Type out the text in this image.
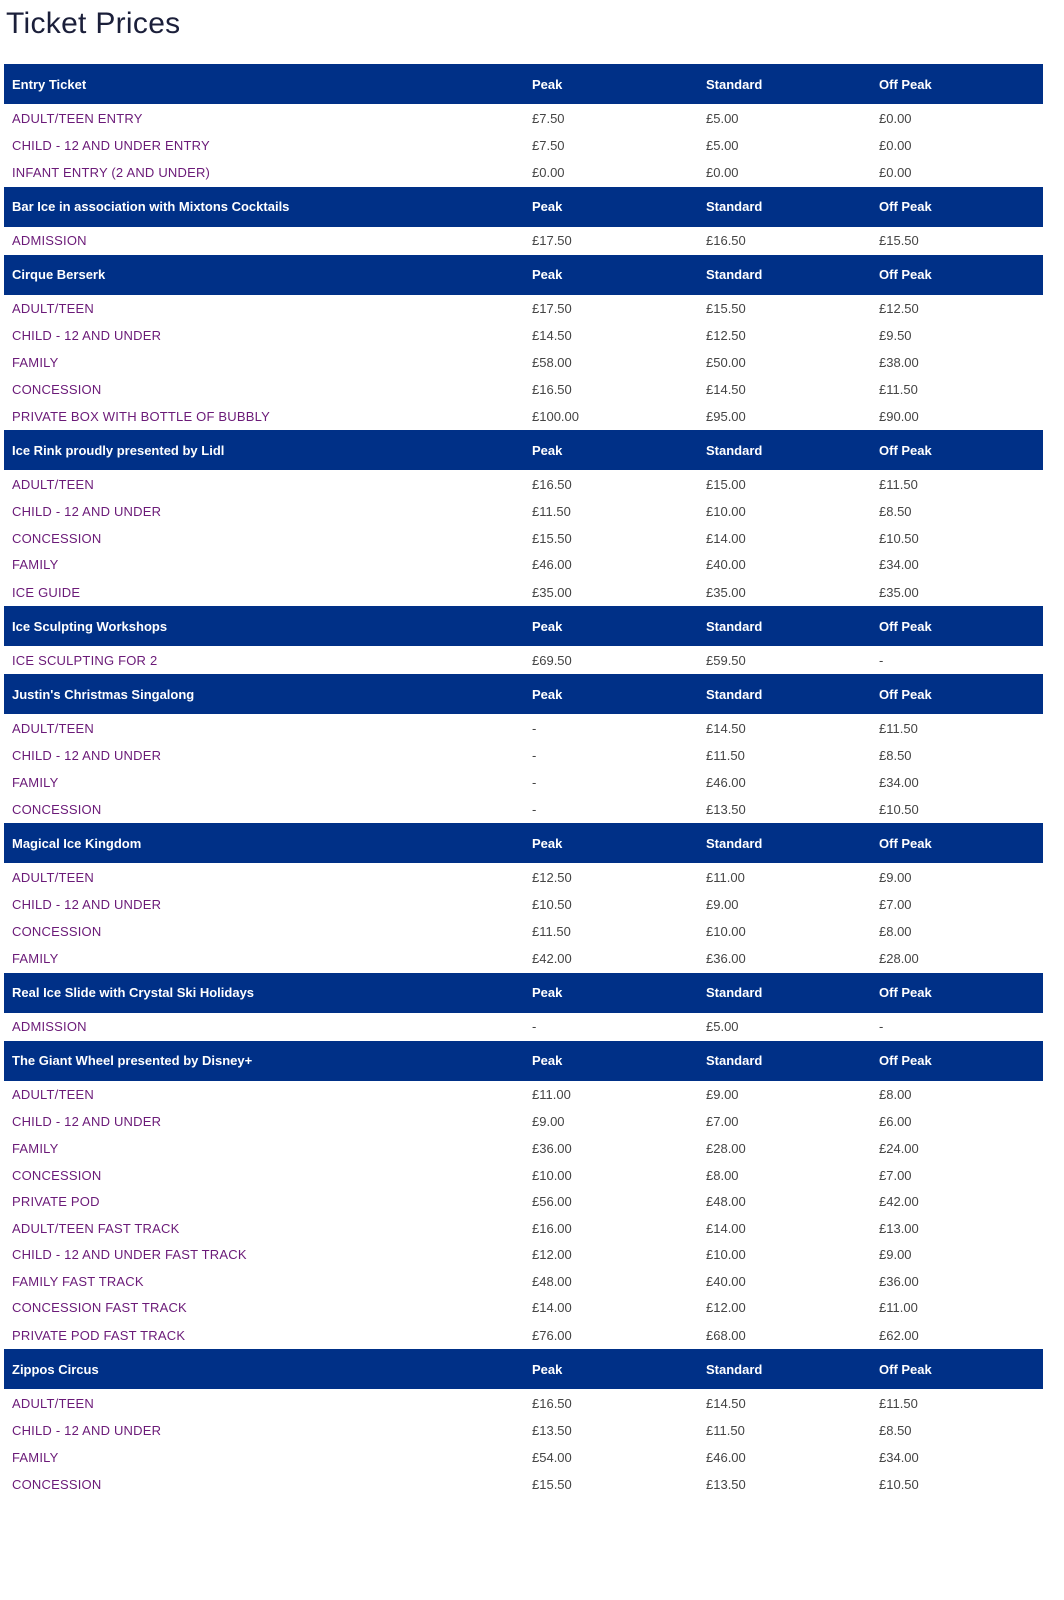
Ticket Prices
Entry Ticket	Peak	Standard	Off Peak
ADULT/TEEN ENTRY	£7.50	£5.00	£0.00
CHILD - 12 AND UNDER ENTRY	£7.50	£5.00	£0.00
INFANT ENTRY (2 AND UNDER)	£0.00	£0.00	£0.00
Bar Ice in association with Mixtons Cocktails	Peak	Standard	Off Peak
ADMISSION	£17.50	£16.50	£15.50
Cirque Berserk	Peak	Standard	Off Peak
ADULT/TEEN	£17.50	£15.50	£12.50
CHILD - 12 AND UNDER	£14.50	£12.50	£9.50
FAMILY	£58.00	£50.00	£38.00
CONCESSION	£16.50	£14.50	£11.50
PRIVATE BOX WITH BOTTLE OF BUBBLY	£100.00	£95.00	£90.00
Ice Rink proudly presented by Lidl	Peak	Standard	Off Peak
ADULT/TEEN	£16.50	£15.00	£11.50
CHILD - 12 AND UNDER	£11.50	£10.00	£8.50
CONCESSION	£15.50	£14.00	£10.50
FAMILY	£46.00	£40.00	£34.00
ICE GUIDE	£35.00	£35.00	£35.00
Ice Sculpting Workshops	Peak	Standard	Off Peak
ICE SCULPTING FOR 2	£69.50	£59.50	-
Justin's Christmas Singalong	Peak	Standard	Off Peak
ADULT/TEEN	-	£14.50	£11.50
CHILD - 12 AND UNDER	-	£11.50	£8.50
FAMILY	-	£46.00	£34.00
CONCESSION	-	£13.50	£10.50
Magical Ice Kingdom	Peak	Standard	Off Peak
ADULT/TEEN	£12.50	£11.00	£9.00
CHILD - 12 AND UNDER	£10.50	£9.00	£7.00
CONCESSION	£11.50	£10.00	£8.00
FAMILY	£42.00	£36.00	£28.00
Real Ice Slide with Crystal Ski Holidays	Peak	Standard	Off Peak
ADMISSION	-	£5.00	-
The Giant Wheel presented by Disney+	Peak	Standard	Off Peak
ADULT/TEEN	£11.00	£9.00	£8.00
CHILD - 12 AND UNDER	£9.00	£7.00	£6.00
FAMILY	£36.00	£28.00	£24.00
CONCESSION	£10.00	£8.00	£7.00
PRIVATE POD	£56.00	£48.00	£42.00
ADULT/TEEN FAST TRACK	£16.00	£14.00	£13.00
CHILD - 12 AND UNDER FAST TRACK	£12.00	£10.00	£9.00
FAMILY FAST TRACK	£48.00	£40.00	£36.00
CONCESSION FAST TRACK	£14.00	£12.00	£11.00
PRIVATE POD FAST TRACK	£76.00	£68.00	£62.00
Zippos Circus	Peak	Standard	Off Peak
ADULT/TEEN	£16.50	£14.50	£11.50
CHILD - 12 AND UNDER	£13.50	£11.50	£8.50
FAMILY	£54.00	£46.00	£34.00
CONCESSION	£15.50	£13.50	£10.50
